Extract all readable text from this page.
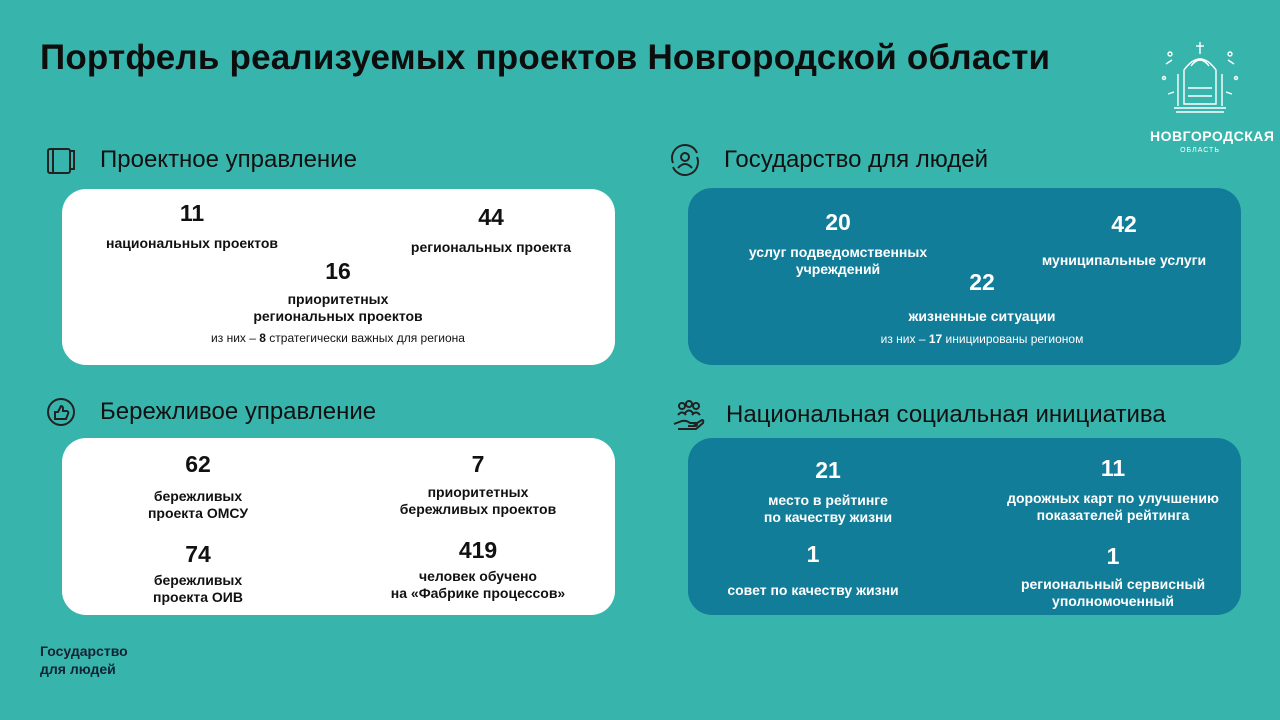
Портфель реализуемых проектов Новгородской области
НОВГОРОДСКАЯ
ОБЛАСТЬ
Проектное управление
11
национальных проектов
44
региональных проекта
16
приоритетных
региональных проектов
из них – 8 стратегически важных для региона
Бережливое управление
62
бережливых
проекта ОМСУ
7
приоритетных
бережливых проектов
74
бережливых
проекта ОИВ
419
человек обучено
на «Фабрике процессов»
Государство для людей
20
услуг подведомственных
учреждений
42
муниципальные услуги
22
жизненные ситуации
из них – 17 инициированы регионом
Национальная социальная инициатива
21
место в рейтинге
по качеству жизни
11
дорожных карт по улучшению
показателей рейтинга
1
совет по качеству жизни
1
региональный сервисный
уполномоченный
Государство
для людей
